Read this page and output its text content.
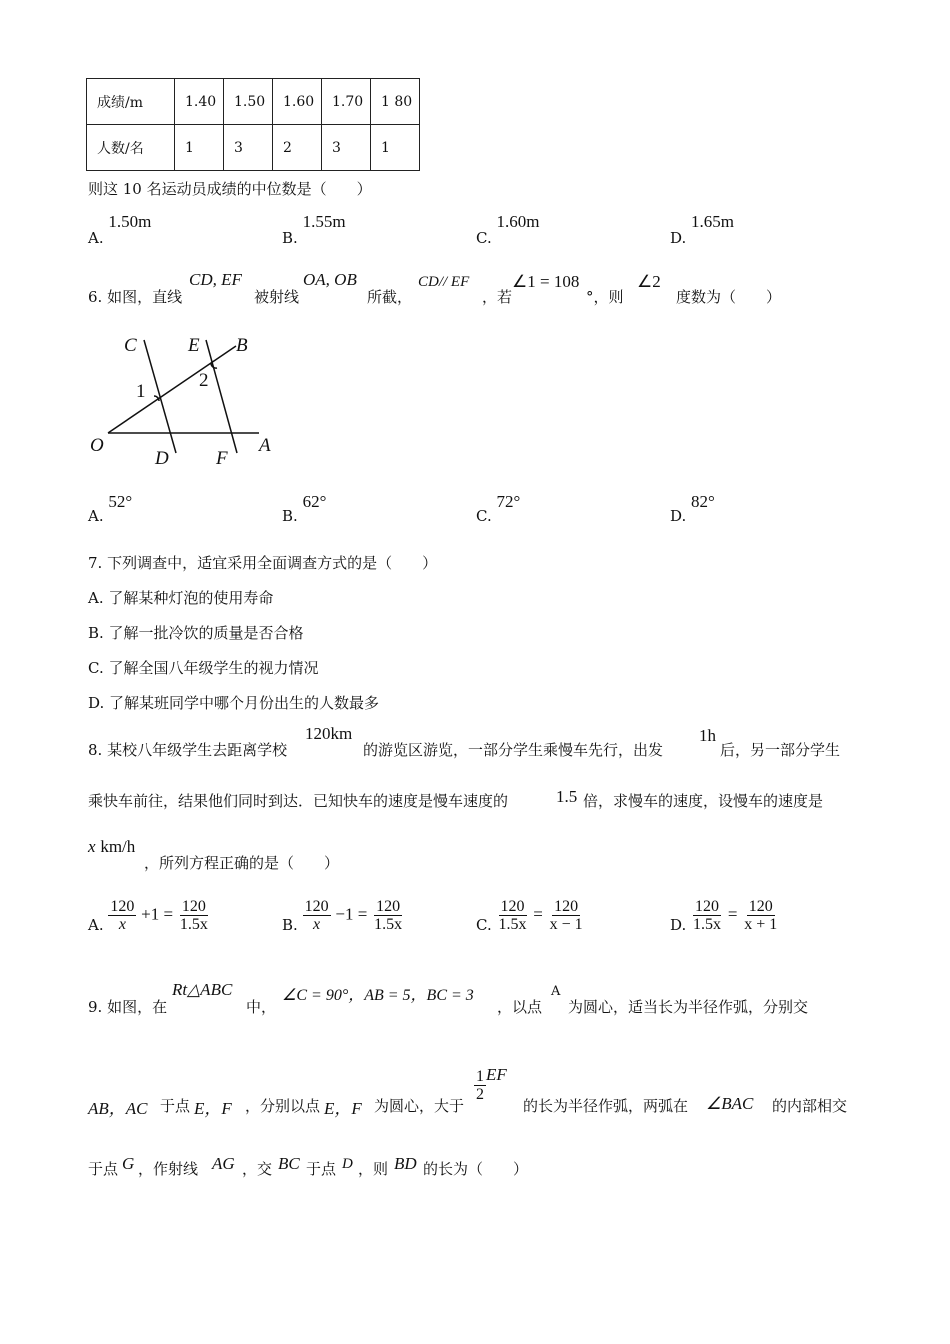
成绩/m	1.40	1.50	1.60	1.70	1 80
人数/名	1	3	2	3	1
则这 10 名运动员成绩的中位数是（　　）
A. 1.50m
B. 1.55m
C. 1.60m
D. 1.65m
6. 如图，直线
CD, EF
被射线
OA, OB
所截，
CD// EF
，若
∠1 = 108
°，则
∠2
度数为（　　）
C	E B
O
D F
A
1
2
A. 52°
B. 62°
C. 72°
D. 82°
7. 下列调查中，适宜采用全面调查方式的是（　　）
A. 了解某种灯泡的使用寿命
B. 了解一批冷饮的质量是否合格
C. 了解全国八年级学生的视力情况
D. 了解某班同学中哪个月份出生的人数最多
8. 某校八年级学生去距离学校
120km
的游览区游览，一部分学生乘慢车先行，出发
1h
后，另一部分学生
乘快车前往，结果他们同时到达．已知快车的速度是慢车速度的	1.5 倍，求慢车的速度，设慢车的速度是
x km/h
，所列方程正确的是（　　）
A. $\frac{120}{x} +1 = \frac{120}{1.5x}$	B. $\frac{120}{x} -1 = \frac{120}{1.5x}$	C. $\frac{120}{1.5x} = \frac{120}{x - 1}$	D. $\frac{120}{1.5x} = \frac{120}{x + 1}$
9. 如图，在
Rt△ABC
中，
∠C = 90°，AB = 5，BC = 3
，以点
A
为圆心，适当长为半径作弧，分别交
AB，AC 于点 E，F ，分别以点 E，F 为圆心，大于
$\frac{1}{2}$ EF
的长为半径作弧，两弧在 ∠BAC 的内部相交
于点 G ，作射线 AG ，交 BC 于点 D ，则 BD 的长为（　　）
